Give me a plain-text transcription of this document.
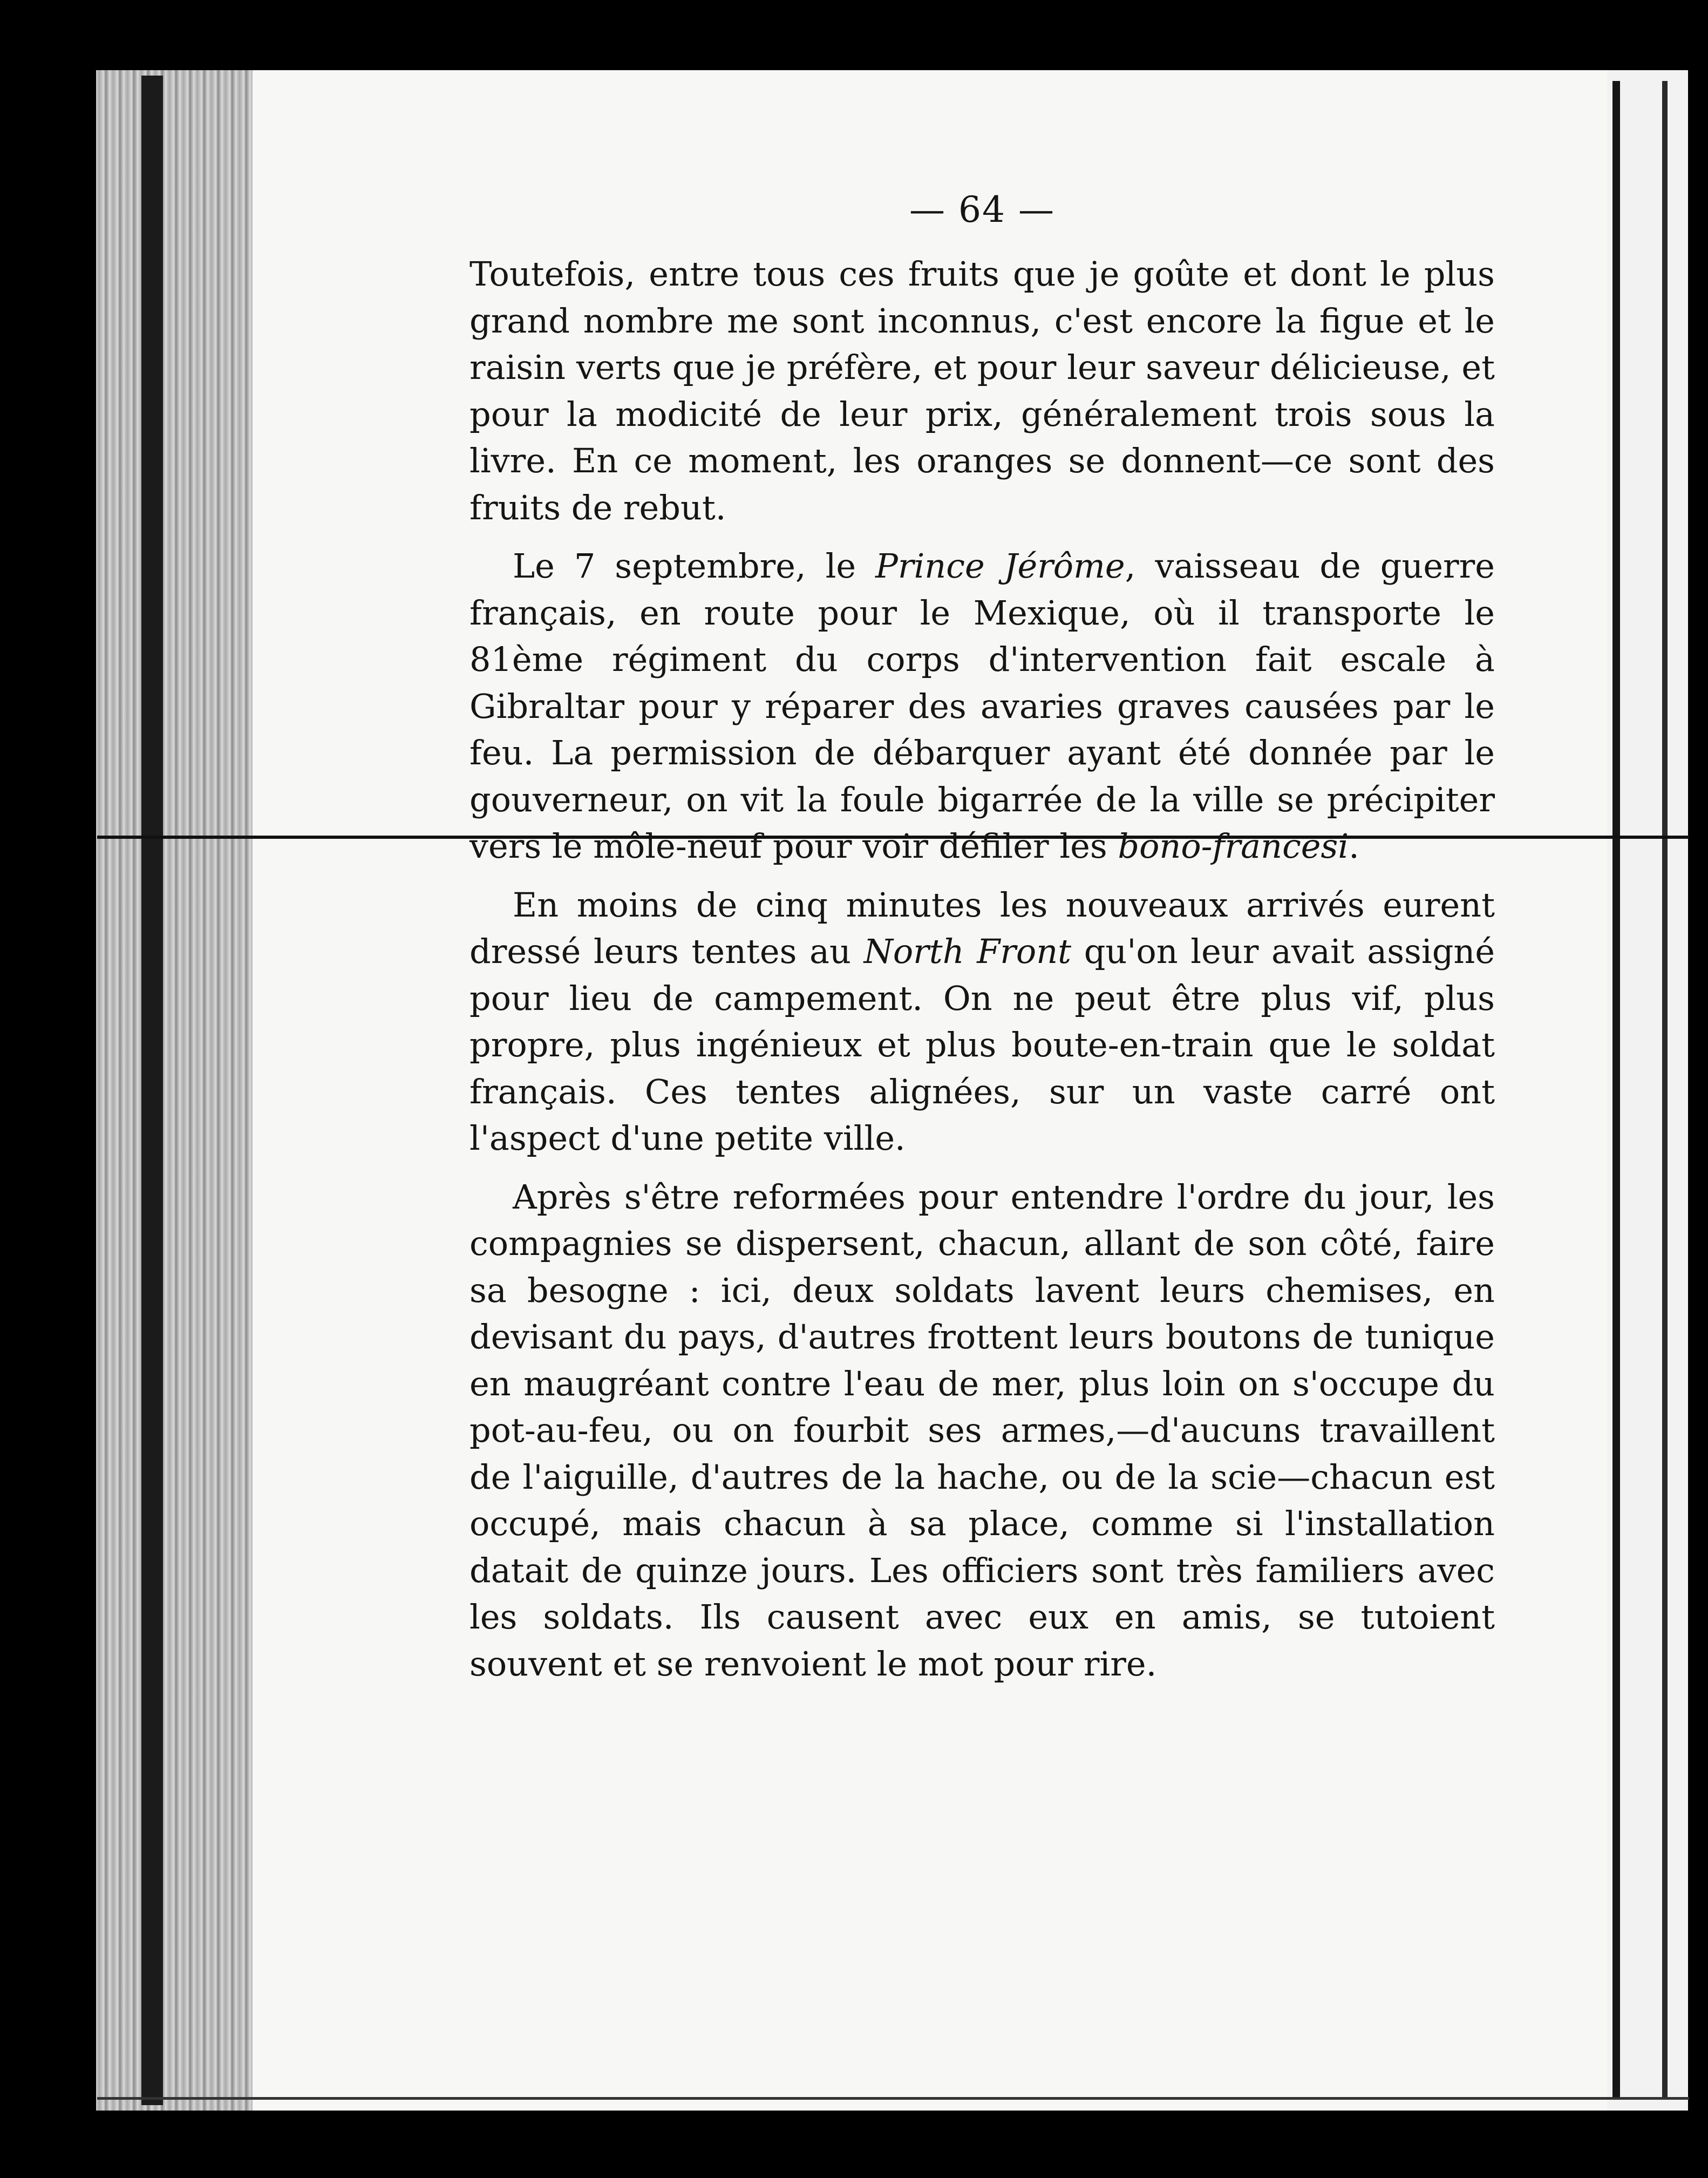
— 64 —

Toutefois, entre tous ces fruits que je goûte et dont le plus grand nombre me sont inconnus, c'est encore la figue et le raisin verts que je préfère, et pour leur saveur délicieuse, et pour la modicité de leur prix, généralement trois sous la livre. En ce moment, les oranges se donnent—ce sont des fruits de rebut.

Le 7 septembre, le Prince Jérôme, vaisseau de guerre français, en route pour le Mexique, où il transporte le 81ème régiment du corps d'intervention fait escale à Gibraltar pour y réparer des avaries graves causées par le feu. La permission de débarquer ayant été donnée par le gouverneur, on vit la foule bigarrée de la ville se précipiter vers le môle-neuf pour voir défiler les bono-francesi.

En moins de cinq minutes les nouveaux arrivés eurent dressé leurs tentes au North Front qu'on leur avait assigné pour lieu de campement. On ne peut être plus vif, plus propre, plus ingénieux et plus boute-en-train que le soldat français. Ces tentes alignées, sur un vaste carré ont l'aspect d'une petite ville.

Après s'être reformées pour entendre l'ordre du jour, les compagnies se dispersent, chacun, allant de son côté, faire sa besogne : ici, deux soldats lavent leurs chemises, en devisant du pays, d'autres frottent leurs boutons de tunique en maugréant contre l'eau de mer, plus loin on s'occupe du pot-au-feu, ou on fourbit ses armes,—d'aucuns travaillent de l'aiguille, d'autres de la hache, ou de la scie—chacun est occupé, mais chacun à sa place, comme si l'installation datait de quinze jours. Les officiers sont très familiers avec les soldats. Ils causent avec eux en amis, se tutoient souvent et se renvoient le mot pour rire.
